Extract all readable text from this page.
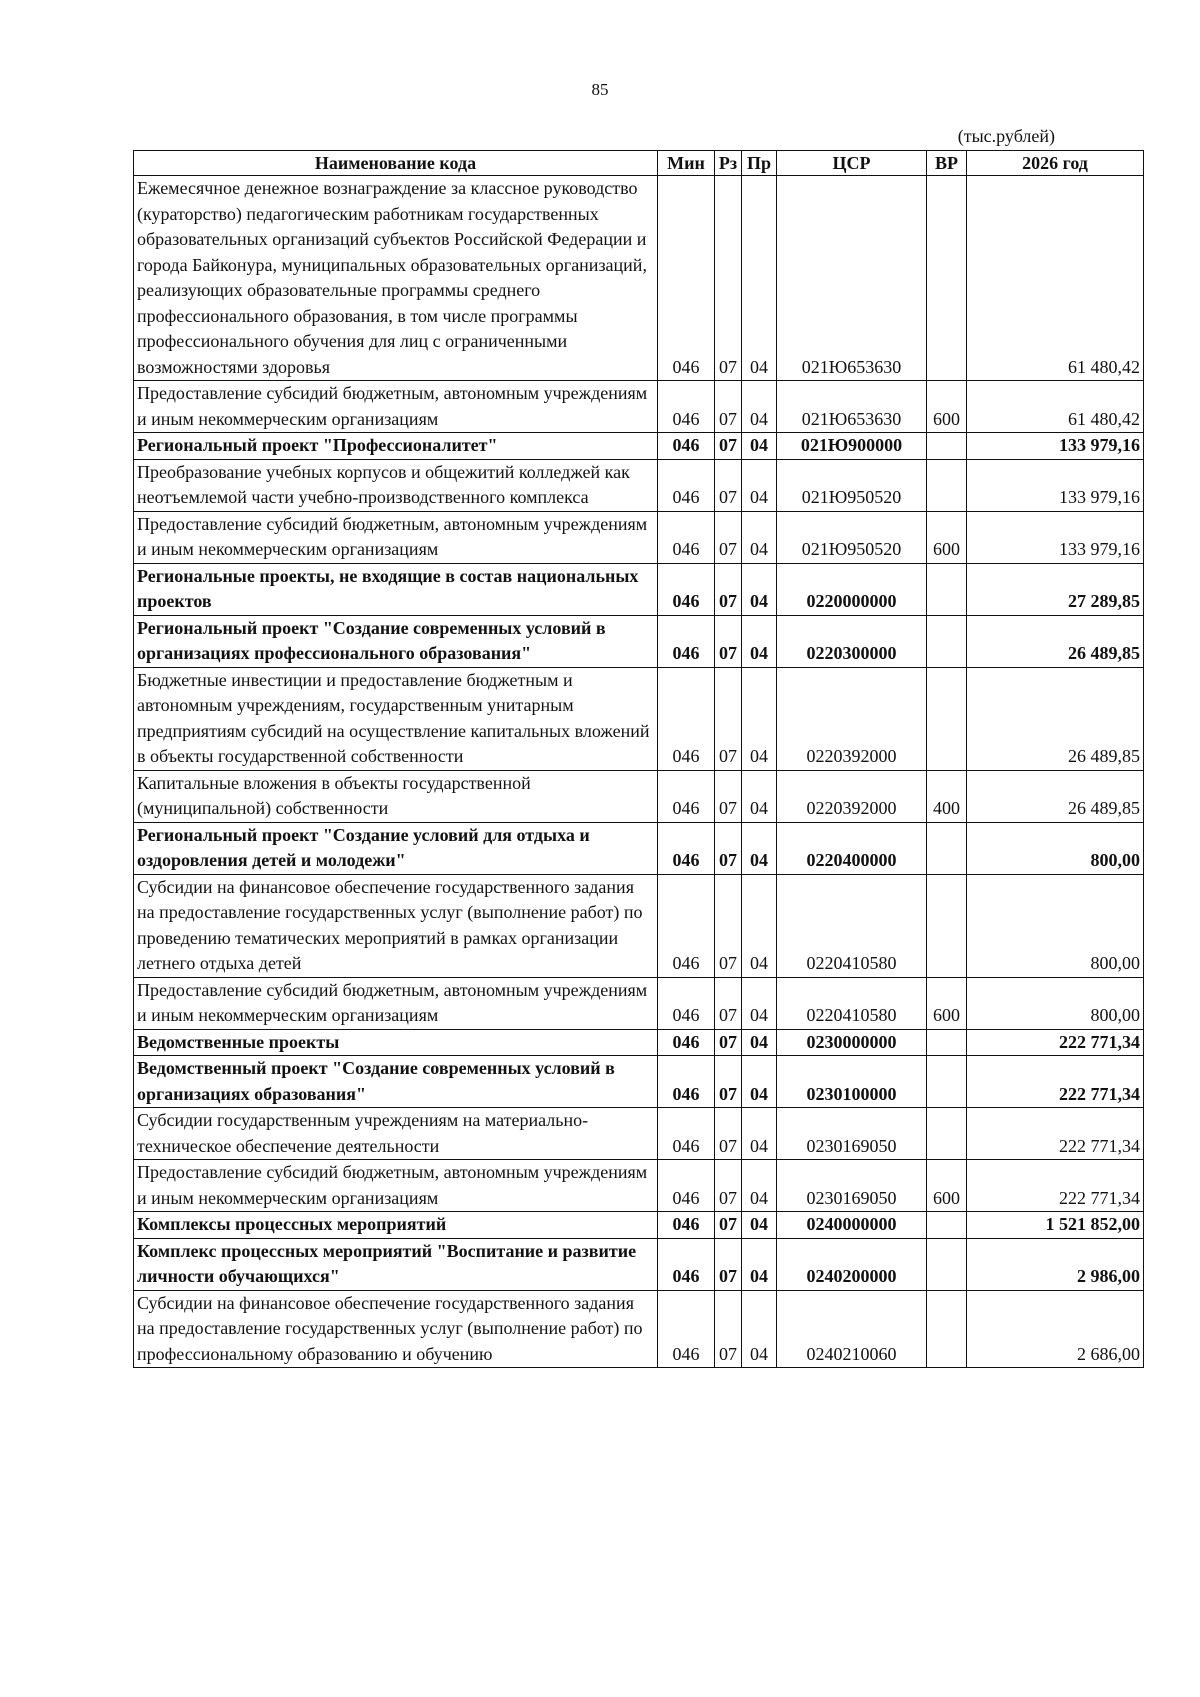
85
(тыс.рублей)
Наименование кода	Мин	Рз	Пр	ЦСР	ВР	2026 год
Ежемесячное денежное вознаграждение за классное руководство (кураторство) педагогическим работникам государственных образовательных организаций субъектов Российской Федерации и города Байконура, муниципальных образовательных организаций, реализующих образовательные программы среднего профессионального образования, в том числе программы профессионального обучения для лиц с ограниченными возможностями здоровья	046	07	04	021Ю653630		61 480,42
Предоставление субсидий бюджетным, автономным учреждениям и иным некоммерческим организациям	046	07	04	021Ю653630	600	61 480,42
Региональный проект "Профессионалитет"	046	07	04	021Ю900000		133 979,16
Преобразование учебных корпусов и общежитий колледжей как неотъемлемой части учебно-производственного комплекса	046	07	04	021Ю950520		133 979,16
Предоставление субсидий бюджетным, автономным учреждениям и иным некоммерческим организациям	046	07	04	021Ю950520	600	133 979,16
Региональные проекты, не входящие в состав национальных проектов	046	07	04	0220000000		27 289,85
Региональный проект "Создание современных условий в организациях профессионального образования"	046	07	04	0220300000		26 489,85
Бюджетные инвестиции и предоставление бюджетным и автономным учреждениям, государственным унитарным предприятиям субсидий на осуществление капитальных вложений в объекты государственной собственности	046	07	04	0220392000		26 489,85
Капитальные вложения в объекты государственной (муниципальной) собственности	046	07	04	0220392000	400	26 489,85
Региональный проект "Создание условий для отдыха и оздоровления детей и молодежи"	046	07	04	0220400000		800,00
Субсидии на финансовое обеспечение государственного задания на предоставление государственных услуг (выполнение работ) по проведению тематических мероприятий в рамках организации летнего отдыха детей	046	07	04	0220410580		800,00
Предоставление субсидий бюджетным, автономным учреждениям и иным некоммерческим организациям	046	07	04	0220410580	600	800,00
Ведомственные проекты	046	07	04	0230000000		222 771,34
Ведомственный проект "Создание современных условий в организациях образования"	046	07	04	0230100000		222 771,34
Субсидии государственным учреждениям на материально-техническое обеспечение деятельности	046	07	04	0230169050		222 771,34
Предоставление субсидий бюджетным, автономным учреждениям и иным некоммерческим организациям	046	07	04	0230169050	600	222 771,34
Комплексы процессных мероприятий	046	07	04	0240000000		1 521 852,00
Комплекс процессных мероприятий "Воспитание и развитие личности обучающихся"	046	07	04	0240200000		2 986,00
Субсидии на финансовое обеспечение государственного задания на предоставление государственных услуг (выполнение работ) по профессиональному образованию и обучению	046	07	04	0240210060		2 686,00
